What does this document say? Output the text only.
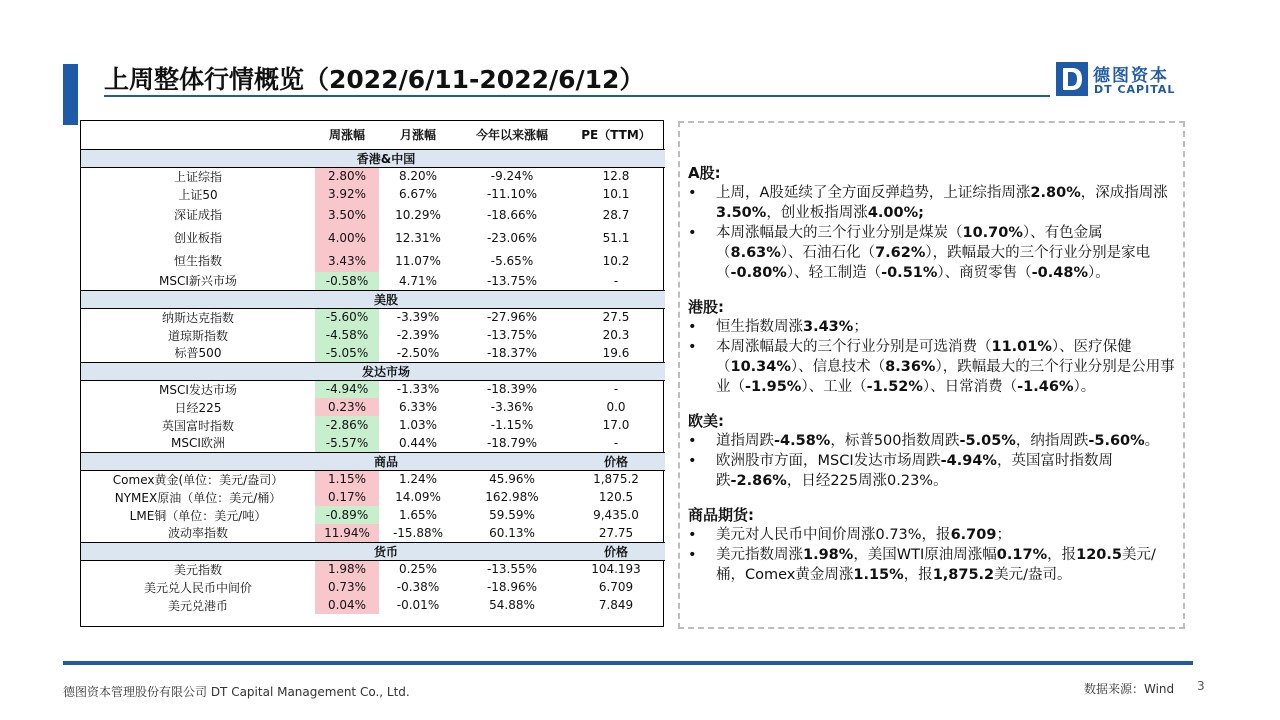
上周整体行情概览（2022/6/11-2022/6/12）	德图资本
DT CAPITAL
	周涨幅	月涨幅	今年以来涨幅	PE（TTM）
	香港&中国			
上证综指	2.80%	8.20%	-9.24%	12.8
上证50	3.92%	6.67%	-11.10%	10.1
深证成指	3.50%	10.29%	-18.66%	28.7
创业板指	4.00%	12.31%	-23.06%	51.1
恒生指数	3.43%	11.07%	-5.65%	10.2
MSCI新兴市场	-0.58%	4.71%	-13.75%	-
	美股			
纳斯达克指数	-5.60%	-3.39%	-27.96%	27.5
道琼斯指数	-4.58%	-2.39%	-13.75%	20.3
标普500	-5.05%	-2.50%	-18.37%	19.6
	发达市场			
MSCI发达市场	-4.94%	-1.33%	-18.39%	-
日经225	0.23%	6.33%	-3.36%	0.0
英国富时指数	-2.86%	1.03%	-1.15%	17.0
MSCI欧洲	-5.57%	0.44%	-18.79%	-
	商品			价格
Comex黄金(单位：美元/盎司）	1.15%	1.24%	45.96%	1,875.2
NYMEX原油（单位：美元/桶）	0.17%	14.09%	162.98%	120.5
LME铜（单位：美元/吨）	-0.89%	1.65%	59.59%	9,435.0
波动率指数	11.94%	-15.88%	60.13%	27.75
	货币			价格
美元指数	1.98%	0.25%	-13.55%	104.193
美元兑人民币中间价	0.73%	-0.38%	-18.96%	6.709
美元兑港币	0.04%	-0.01%	54.88%	7.849
A股:
• 上周，A股延续了全方面反弹趋势，上证综指周涨2.80%，深成指周涨3.50%，创业板指周涨4.00%;
• 本周涨幅最大的三个行业分别是煤炭（10.70%）、有色金属（8.63%）、石油石化（7.62%），跌幅最大的三个行业分别是家电（-0.80%）、轻工制造（-0.51%）、商贸零售（-0.48%）。
港股:
• 恒生指数周涨3.43%；
• 本周涨幅最大的三个行业分别是可选消费（11.01%）、医疗保健（10.34%）、信息技术（8.36%），跌幅最大的三个行业分别是公用事业（-1.95%）、工业（-1.52%）、日常消费（-1.46%）。
欧美:
• 道指周跌-4.58%，标普500指数周跌-5.05%，纳指周跌-5.60%。
• 欧洲股市方面，MSCI发达市场周跌-4.94%，英国富时指数周跌-2.86%，日经225周涨0.23%。
商品期货:
• 美元对人民币中间价周涨0.73%，报6.709；
• 美元指数周涨1.98%，美国WTI原油周涨幅0.17%，报120.5美元/桶，Comex黄金周涨1.15%，报1,875.2美元/盎司。
德图资本管理股份有限公司 DT Capital Management Co., Ltd.	数据来源：Wind 3
